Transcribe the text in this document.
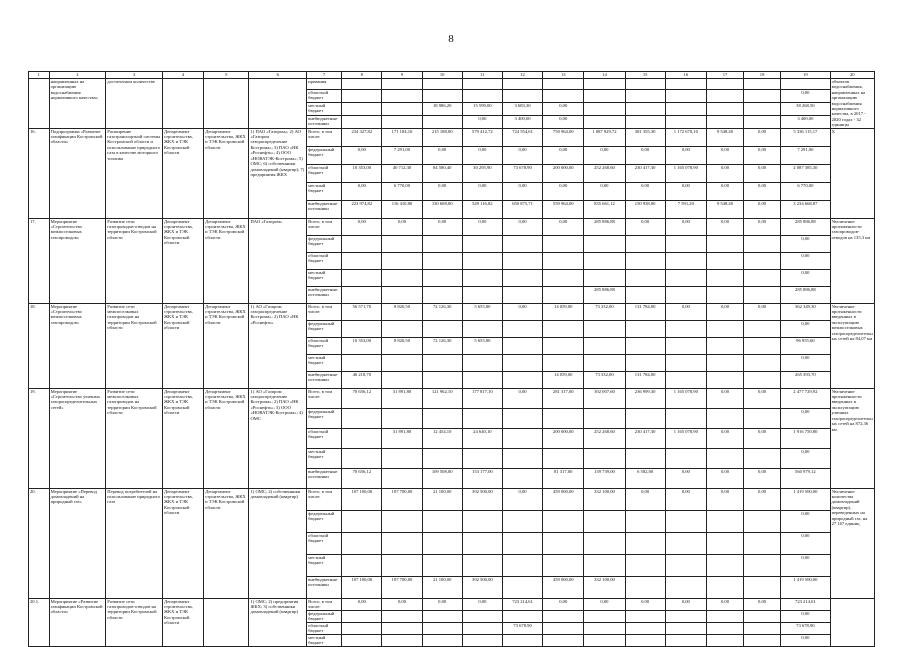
8
1	2	3	4	5	6	7	8	9	10	11	12	13	14	15	16	17	18	19	20
	направленных на организацию водоснабжения нормативного качества»	достаточном количестве				ирования													объектов водоснабжения, направленных на организацию водоснабжения нормативного качества, в 2017 - 2020 годах - 32 единицы
						областной бюджет												0,00	
						местный бюджет			18 986,20	15 599,00	3 683,30	0,00						38 268,50	
						внебюджетные источники				0,00	3 400,00	0,00						3 400,00	
16.	Подпрограмма «Развитие газификации Костромской области»	Расширение газотранспортной системы Костромской области и использование природного газа в качестве моторного топлива	Департамент строительства, ЖКХ и ТЭК Костромской области	Департамент строительства, ЖКХ и ТЭК Костромской области	1) ПАО «Газпром»; 2) АО «Газпром газораспределение Кострома»; 3) ПАО «НК «Роснефть»; 4) ООО «НОВАТЭК-Кострома»; 5) ОМС; 6) собственники домовладений (квартир); 7) предприятия ЖКХ	Всего, в том числе:	234 327,82	171 184,10	215 188,00	579 412,72	724 554,61	759 964,00	1 087 929,72	381 355,30	1 172 670,10	9 548,40	0,00	5 336 115,17	Х
						федеральный бюджет	0,00	7 291,00	0,00	0,00	0,00	0,00	0,00	0,00	0,00	0,00	0,00	7 291,00	
						областной бюджет	10 353,00	40 712,30	84 580,40	30 295,90	73 678,90	200 000,00	252 268,60	230 417,30	1 165 078,90	0,00	0,00	2 087 385,30	
						местный бюджет	0,00	6 770,00	0,00	0,00	0,00	0,00	0,00	0,00	0,00	0,00	0,00	6 770,00	
						внебюджетные источники	223 974,82	116 410,80	130 608,00	549 116,82	650 875,71	559 964,00	835 661,12	150 938,00	7 591,20	9 548,40	0,00	3 234 668,87	
17.	Мероприятие «Строительство межпоселковых газопроводов»	Развитие сети газопроводов-отводов на территории Костромской области	Департамент строительства, ЖКХ и ТЭК Костромской области	Департамент строительства, ЖКХ и ТЭК Костромской области	ПАО «Газпром»	Всего, в том числе:	0,00	0,00	0,00	0,00	0,00	0,00	285 886,88	0,00	0,00	0,00	0,00	285 886,88	Увеличение протяженности газопроводов-отводов на 135,3 км
						федеральный бюджет												0,00	
						областной бюджет												0,00	
						местный бюджет												0,00	
						внебюджетные источники							285 886,88					285 886,88	
18.	Мероприятие «Строительство межпоселковых газопроводов»	Развитие сети межпоселковых газопроводов на территории Костромской области	Департамент строительства, ЖКХ и ТЭК Костромской области	Департамент строительства, ЖКХ и ТЭК Костромской области	1) АО «Газпром газораспределение Кострома»; 2) ПАО «НК «Роснефть»	Всего, в том числе:	56 571,70	8 820,50	72 126,30	5 655,80	0,00	14 059,00	73 332,00	131 784,00	0,00	0,00	0,00	362 349,30	Увеличение протяженности введенных в эксплуатацию межпоселковых газораспределительных сетей на 84,07 км
						федеральный бюджет												0,00	
						областной бюджет	10 353,00	8 820,50	72 126,30	5 655,80								96 955,60	
						местный бюджет												0,00	
						внебюджетные источники	46 218,70					14 059,00	73 332,00	131 784,00				265 393,70	
19.	Мероприятие «Строительство уличных газораспределительных сетей»	Развитие сети межпоселковых газопроводов на территории Костромской области	Департамент строительства, ЖКХ и ТЭК Костромской области	Департамент строительства, ЖКХ и ТЭК Костромской области	1) АО «Газпром газораспределение Кострома»; 2) ПАО «НК «Роснефть»; 3) ООО «НОВАТЭК-Кострома»; 4) ОМС	Всего, в том числе:	70 656,12	31 891,80	121 962,10	177 817,10	0,00	281 317,00	392 007,60	236 999,30	1 165 078,90	0,00	0,00	2 477 729,92	Увеличение протяженности введенных в эксплуатацию уличных газораспределительных сетей на 872,36 км
						федеральный бюджет												0,00	
						областной бюджет		31 891,80	12 454,10	24 640,10		200 000,00	252 268,60	230 417,30	1 165 078,90	0,00	0,00	1 916 750,80	
						местный бюджет												0,00	
						внебюджетные источники	70 656,12		109 508,00	153 177,00		81 317,00	139 739,00	6 582,00	0,00	0,00	0,00	560 979,12	
20.	Мероприятие «Перевод домовладений на природный газ»	Перевод потребителей на использование природного газа	Департамент строительства, ЖКХ и ТЭК Костромской области	Департамент строительства, ЖКХ и ТЭК Костромской области	1) ОМС; 2) собственники домовладений (квартир)	Всего, в том числе:	107 100,00	107 700,00	21 100,00	392 500,00	0,00	459 000,00	332 100,00	0,00	0,00	0,00	0,00	1 419 500,00	Увеличение количества домовладений (квартир), переведенных на природный газ, на 27 167 единиц
						федеральный бюджет												0,00	
						областной бюджет												0,00	
						местный бюджет												0,00	
						внебюджетные источники	107 100,00	107 700,00	21 100,00	392 500,00		459 000,00	332 100,00					1 419 500,00	
20.1.	Мероприятие «Развитие газификации Костромской области»	Развитие сети газопроводов-отводов на территории Костромской области	Департамент строительства, ЖКХ и ТЭК Костромской области		1) ОМС; 2) предприятия ЖКХ; 3) собственники домовладений (квартир)	Всего, в том числе:	0,00	0,00	0,00	0,00	723 214,61	0,00	0,00	0,00	0,00	0,00	0,00	723 214,61	
						федеральный бюджет												0,00	
						областной бюджет					73 678,90							73 678,90	
						местный бюджет												0,00	
